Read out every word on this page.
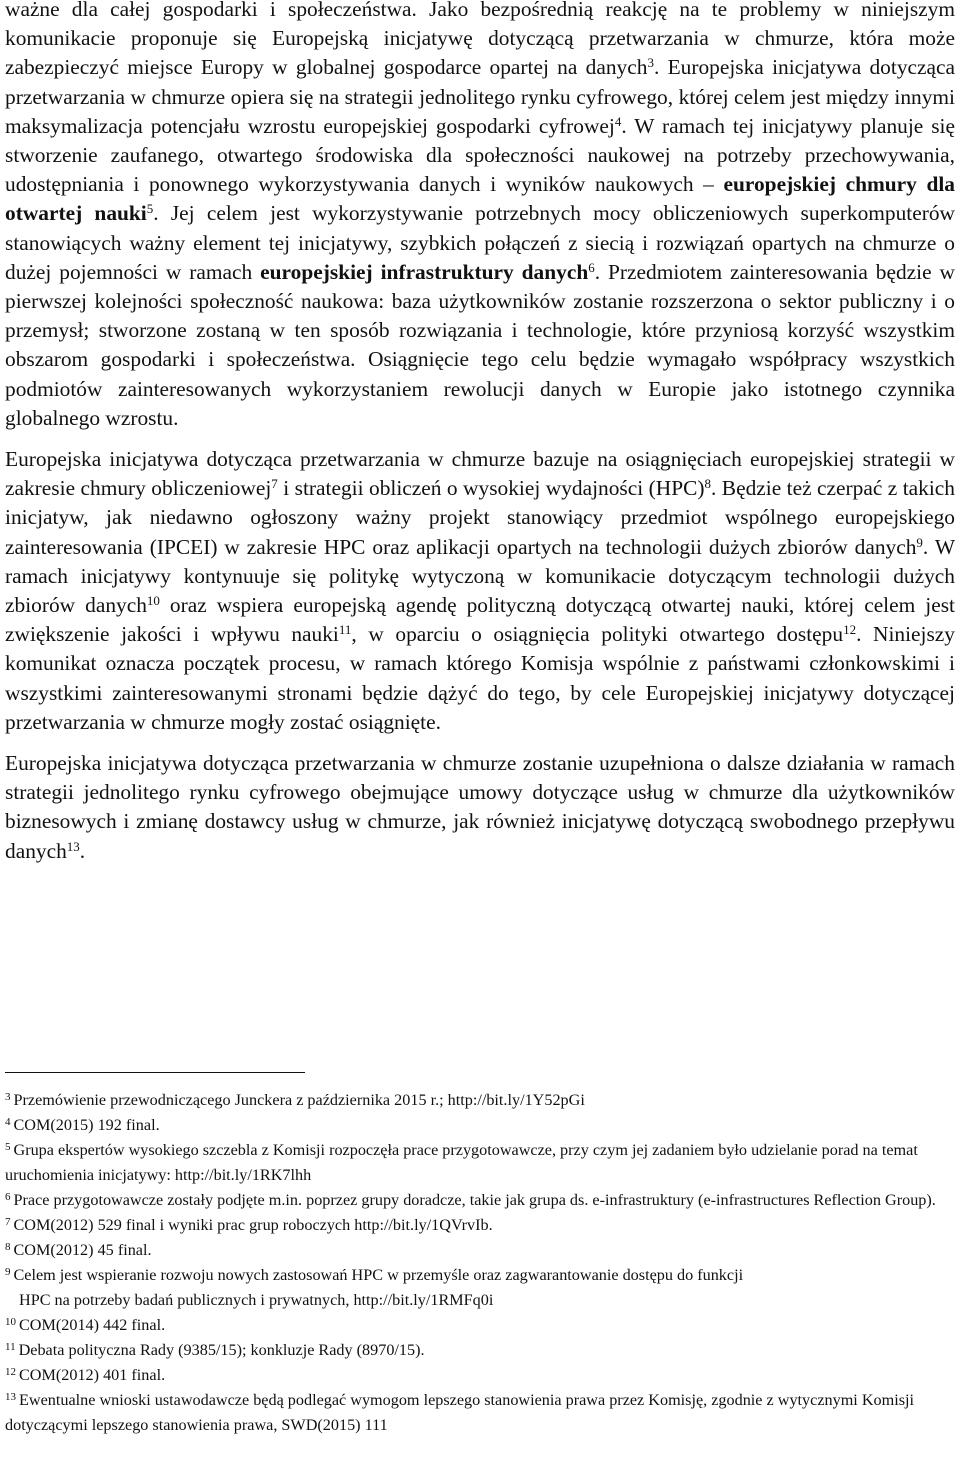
ważne dla całej gospodarki i społeczeństwa. Jako bezpośrednią reakcję na te problemy w niniejszym komunikacie proponuje się Europejską inicjatywę dotyczącą przetwarzania w chmurze, która może zabezpieczyć miejsce Europy w globalnej gospodarce opartej na danych$^3$. Europejska inicjatywa dotycząca przetwarzania w chmurze opiera się na strategii jednolitego rynku cyfrowego, której celem jest między innymi maksymalizacja potencjału wzrostu europejskiej gospodarki cyfrowej$^4$. W ramach tej inicjatywy planuje się stworzenie zaufanego, otwartego środowiska dla społeczności naukowej na potrzeby przechowywania, udostępniania i ponownego wykorzystywania danych i wyników naukowych – europejskiej chmury dla otwartej nauki$^5$. Jej celem jest wykorzystywanie potrzebnych mocy obliczeniowych superkomputerów stanowiących ważny element tej inicjatywy, szybkich połączeń z siecią i rozwiązań opartych na chmurze o dużej pojemności w ramach europejskiej infrastruktury danych$^6$. Przedmiotem zainteresowania będzie w pierwszej kolejności społeczność naukowa: baza użytkowników zostanie rozszerzona o sektor publiczny i o przemysł; stworzone zostaną w ten sposób rozwiązania i technologie, które przyniosą korzyść wszystkim obszarom gospodarki i społeczeństwa. Osiągnięcie tego celu będzie wymagało współpracy wszystkich podmiotów zainteresowanych wykorzystaniem rewolucji danych w Europie jako istotnego czynnika globalnego wzrostu.

Europejska inicjatywa dotycząca przetwarzania w chmurze bazuje na osiągnięciach europejskiej strategii w zakresie chmury obliczeniowej$^7$ i strategii obliczeń o wysokiej wydajności (HPC)$^8$. Będzie też czerpać z takich inicjatyw, jak niedawno ogłoszony ważny projekt stanowiący przedmiot wspólnego europejskiego zainteresowania (IPCEI) w zakresie HPC oraz aplikacji opartych na technologii dużych zbiorów danych$^9$. W ramach inicjatywy kontynuuje się politykę wytyczoną w komunikacie dotyczącym technologii dużych zbiorów danych$^{10}$ oraz wspiera europejską agendę polityczną dotyczącą otwartej nauki, której celem jest zwiększenie jakości i wpływu nauki$^{11}$, w oparciu o osiągnięcia polityki otwartego dostępu$^{12}$. Niniejszy komunikat oznacza początek procesu, w ramach którego Komisja wspólnie z państwami członkowskimi i wszystkimi zainteresowanymi stronami będzie dążyć do tego, by cele Europejskiej inicjatywy dotyczącej przetwarzania w chmurze mogły zostać osiągnięte.

Europejska inicjatywa dotycząca przetwarzania w chmurze zostanie uzupełniona o dalsze działania w ramach strategii jednolitego rynku cyfrowego obejmujące umowy dotyczące usług w chmurze dla użytkowników biznesowych i zmianę dostawcy usług w chmurze, jak również inicjatywę dotyczącą swobodnego przepływu danych$^{13}$.

$^3$ Przemówienie przewodniczącego Junckera z października 2015 r.; http://bit.ly/1Y52pGi

$^4$ COM(2015) 192 final.

$^5$ Grupa ekspertów wysokiego szczebla z Komisji rozpoczęła prace przygotowawcze, przy czym jej zadaniem było udzielanie porad na temat uruchomienia inicjatywy: http://bit.ly/1RK7lhh

$^6$ Prace przygotowawcze zostały podjęte m.in. poprzez grupy doradcze, takie jak grupa ds. e-infrastruktury (e-infrastructures Reflection Group).

$^7$ COM(2012) 529 final i wyniki prac grup roboczych http://bit.ly/1QVrvIb.

$^8$ COM(2012) 45 final.

$^9$ Celem jest wspieranie rozwoju nowych zastosowań HPC w przemyśle oraz zagwarantowanie dostępu do funkcji
HPC na potrzeby badań publicznych i prywatnych, http://bit.ly/1RMFq0i

$^{10}$ COM(2014) 442 final.

$^{11}$ Debata polityczna Rady (9385/15); konkluzje Rady (8970/15).

$^{12}$ COM(2012) 401 final.

$^{13}$ Ewentualne wnioski ustawodawcze będą podlegać wymogom lepszego stanowienia prawa przez Komisję, zgodnie z wytycznymi Komisji dotyczącymi lepszego stanowienia prawa, SWD(2015) 111
